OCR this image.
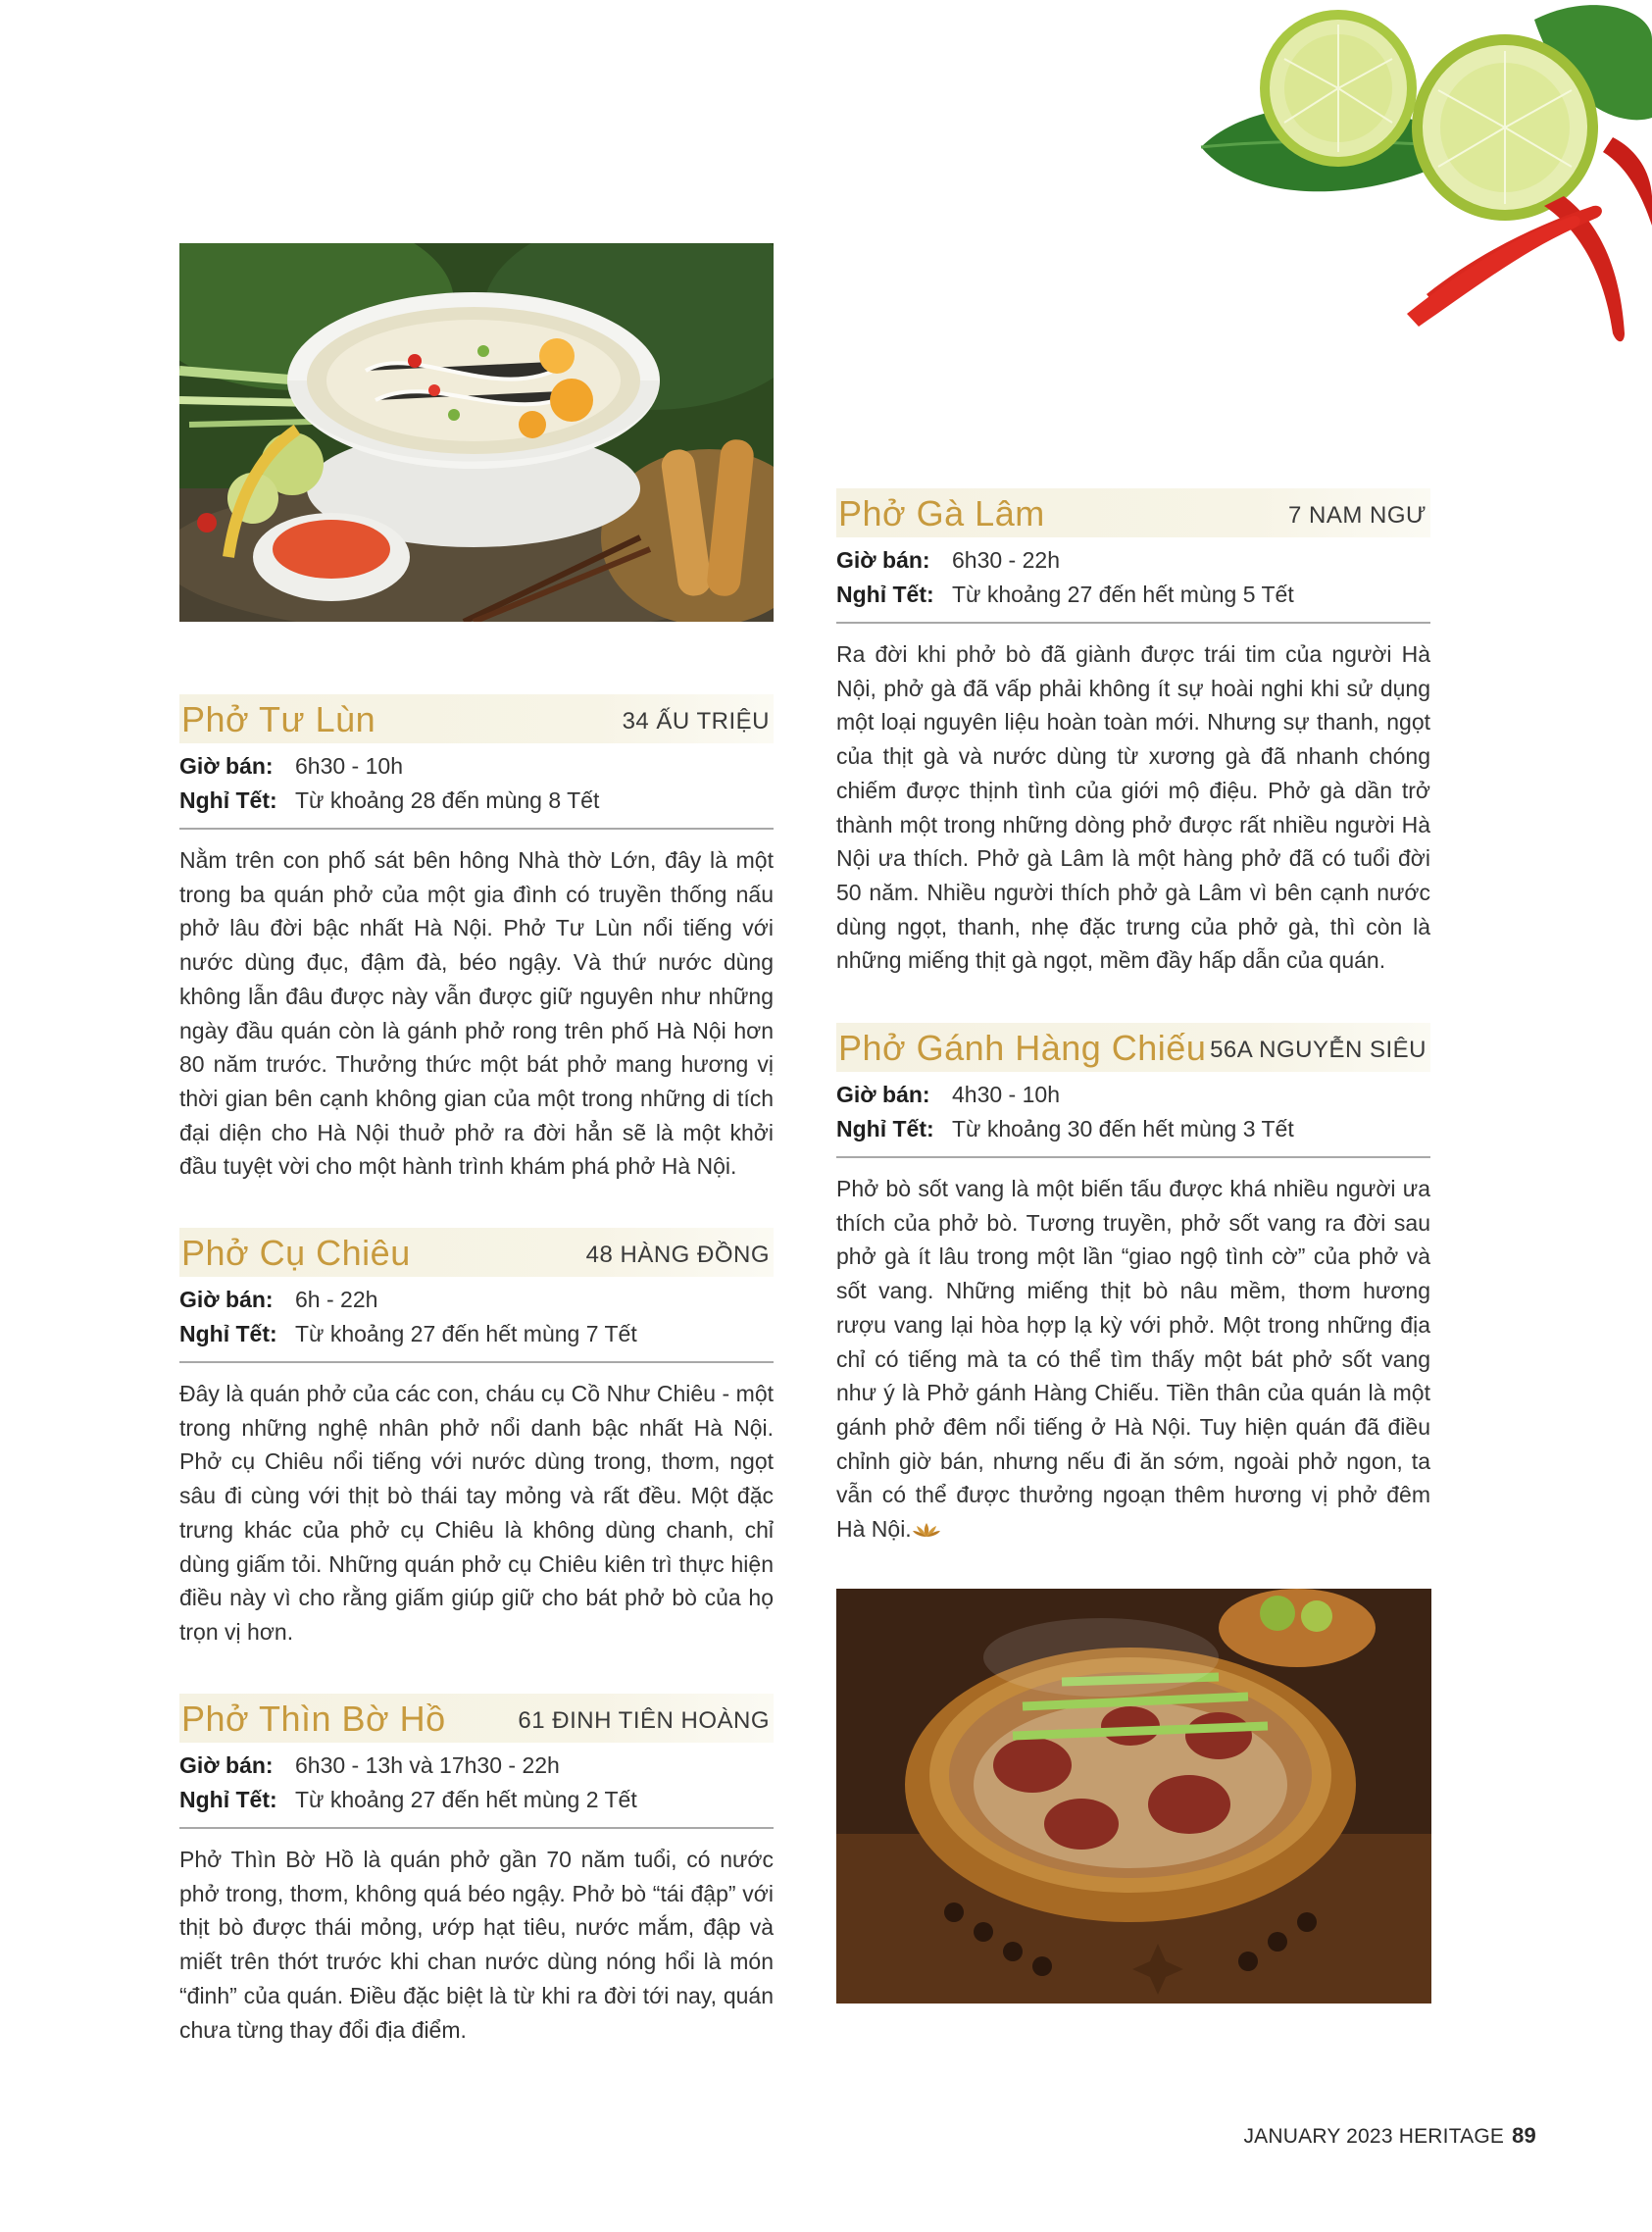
Phở Tư Lùn	34 ẤU TRIỆU
Giờ bán: 6h30 - 10h
Nghỉ Tết: Từ khoảng 28 đến mùng 8 Tết
Nằm trên con phố sát bên hông Nhà thờ Lớn, đây là một trong ba quán phở của một gia đình có truyền thống nấu phở lâu đời bậc nhất Hà Nội. Phở Tư Lùn nổi tiếng với nước dùng đục, đậm đà, béo ngậy. Và thứ nước dùng không lẫn đâu được này vẫn được giữ nguyên như những ngày đầu quán còn là gánh phở rong trên phố Hà Nội hơn 80 năm trước. Thưởng thức một bát phở mang hương vị thời gian bên cạnh không gian của một trong những di tích đại diện cho Hà Nội thuở phở ra đời hẳn sẽ là một khởi đầu tuyệt vời cho một hành trình khám phá phở Hà Nội.
Phở Cụ Chiêu	48 HÀNG ĐỒNG
Giờ bán: 6h - 22h
Nghỉ Tết: Từ khoảng 27 đến hết mùng 7 Tết
Đây là quán phở của các con, cháu cụ Cồ Như Chiêu - một trong những nghệ nhân phở nổi danh bậc nhất Hà Nội. Phở cụ Chiêu nổi tiếng với nước dùng trong, thơm, ngọt sâu đi cùng với thịt bò thái tay mỏng và rất đều. Một đặc trưng khác của phở cụ Chiêu là không dùng chanh, chỉ dùng giấm tỏi. Những quán phở cụ Chiêu kiên trì thực hiện điều này vì cho rằng giấm giúp giữ cho bát phở bò của họ trọn vị hơn.
Phở Thìn Bờ Hồ	61 ĐINH TIÊN HOÀNG
Giờ bán: 6h30 - 13h và 17h30 - 22h
Nghỉ Tết: Từ khoảng 27 đến hết mùng 2 Tết
Phở Thìn Bờ Hồ là quán phở gần 70 năm tuổi, có nước phở trong, thơm, không quá béo ngậy. Phở bò “tái đập” với thịt bò được thái mỏng, ướp hạt tiêu, nước mắm, đập và miết trên thớt trước khi chan nước dùng nóng hổi là món “đinh” của quán. Điều đặc biệt là từ khi ra đời tới nay, quán chưa từng thay đổi địa điểm.
Phở Gà Lâm	7 NAM NGƯ
Giờ bán: 6h30 - 22h
Nghỉ Tết: Từ khoảng 27 đến hết mùng 5 Tết
Ra đời khi phở bò đã giành được trái tim của người Hà Nội, phở gà đã vấp phải không ít sự hoài nghi khi sử dụng một loại nguyên liệu hoàn toàn mới. Nhưng sự thanh, ngọt của thịt gà và nước dùng từ xương gà đã nhanh chóng chiếm được thịnh tình của giới mộ điệu. Phở gà dần trở thành một trong những dòng phở được rất nhiều người Hà Nội ưa thích. Phở gà Lâm là một hàng phở đã có tuổi đời 50 năm. Nhiều người thích phở gà Lâm vì bên cạnh nước dùng ngọt, thanh, nhẹ đặc trưng của phở gà, thì còn là những miếng thịt gà ngọt, mềm đầy hấp dẫn của quán.
Phở Gánh Hàng Chiếu 56A NGUYỄN SIÊU
Giờ bán: 4h30 - 10h
Nghỉ Tết: Từ khoảng 30 đến hết mùng 3 Tết
Phở bò sốt vang là một biến tấu được khá nhiều người ưa thích của phở bò. Tương truyền, phở sốt vang ra đời sau phở gà ít lâu trong một lần “giao ngộ tình cờ” của phở và sốt vang. Những miếng thịt bò nâu mềm, thơm hương rượu vang lại hòa hợp lạ kỳ với phở. Một trong những địa chỉ có tiếng mà ta có thể tìm thấy một bát phở sốt vang như ý là Phở gánh Hàng Chiếu. Tiền thân của quán là một gánh phở đêm nổi tiếng ở Hà Nội. Tuy hiện quán đã điều chỉnh giờ bán, nhưng nếu đi ăn sớm, ngoài phở ngon, ta vẫn có thể được thưởng ngoạn thêm hương vị phở đêm Hà Nội.
JANUARY 2023 HERITAGE 89
